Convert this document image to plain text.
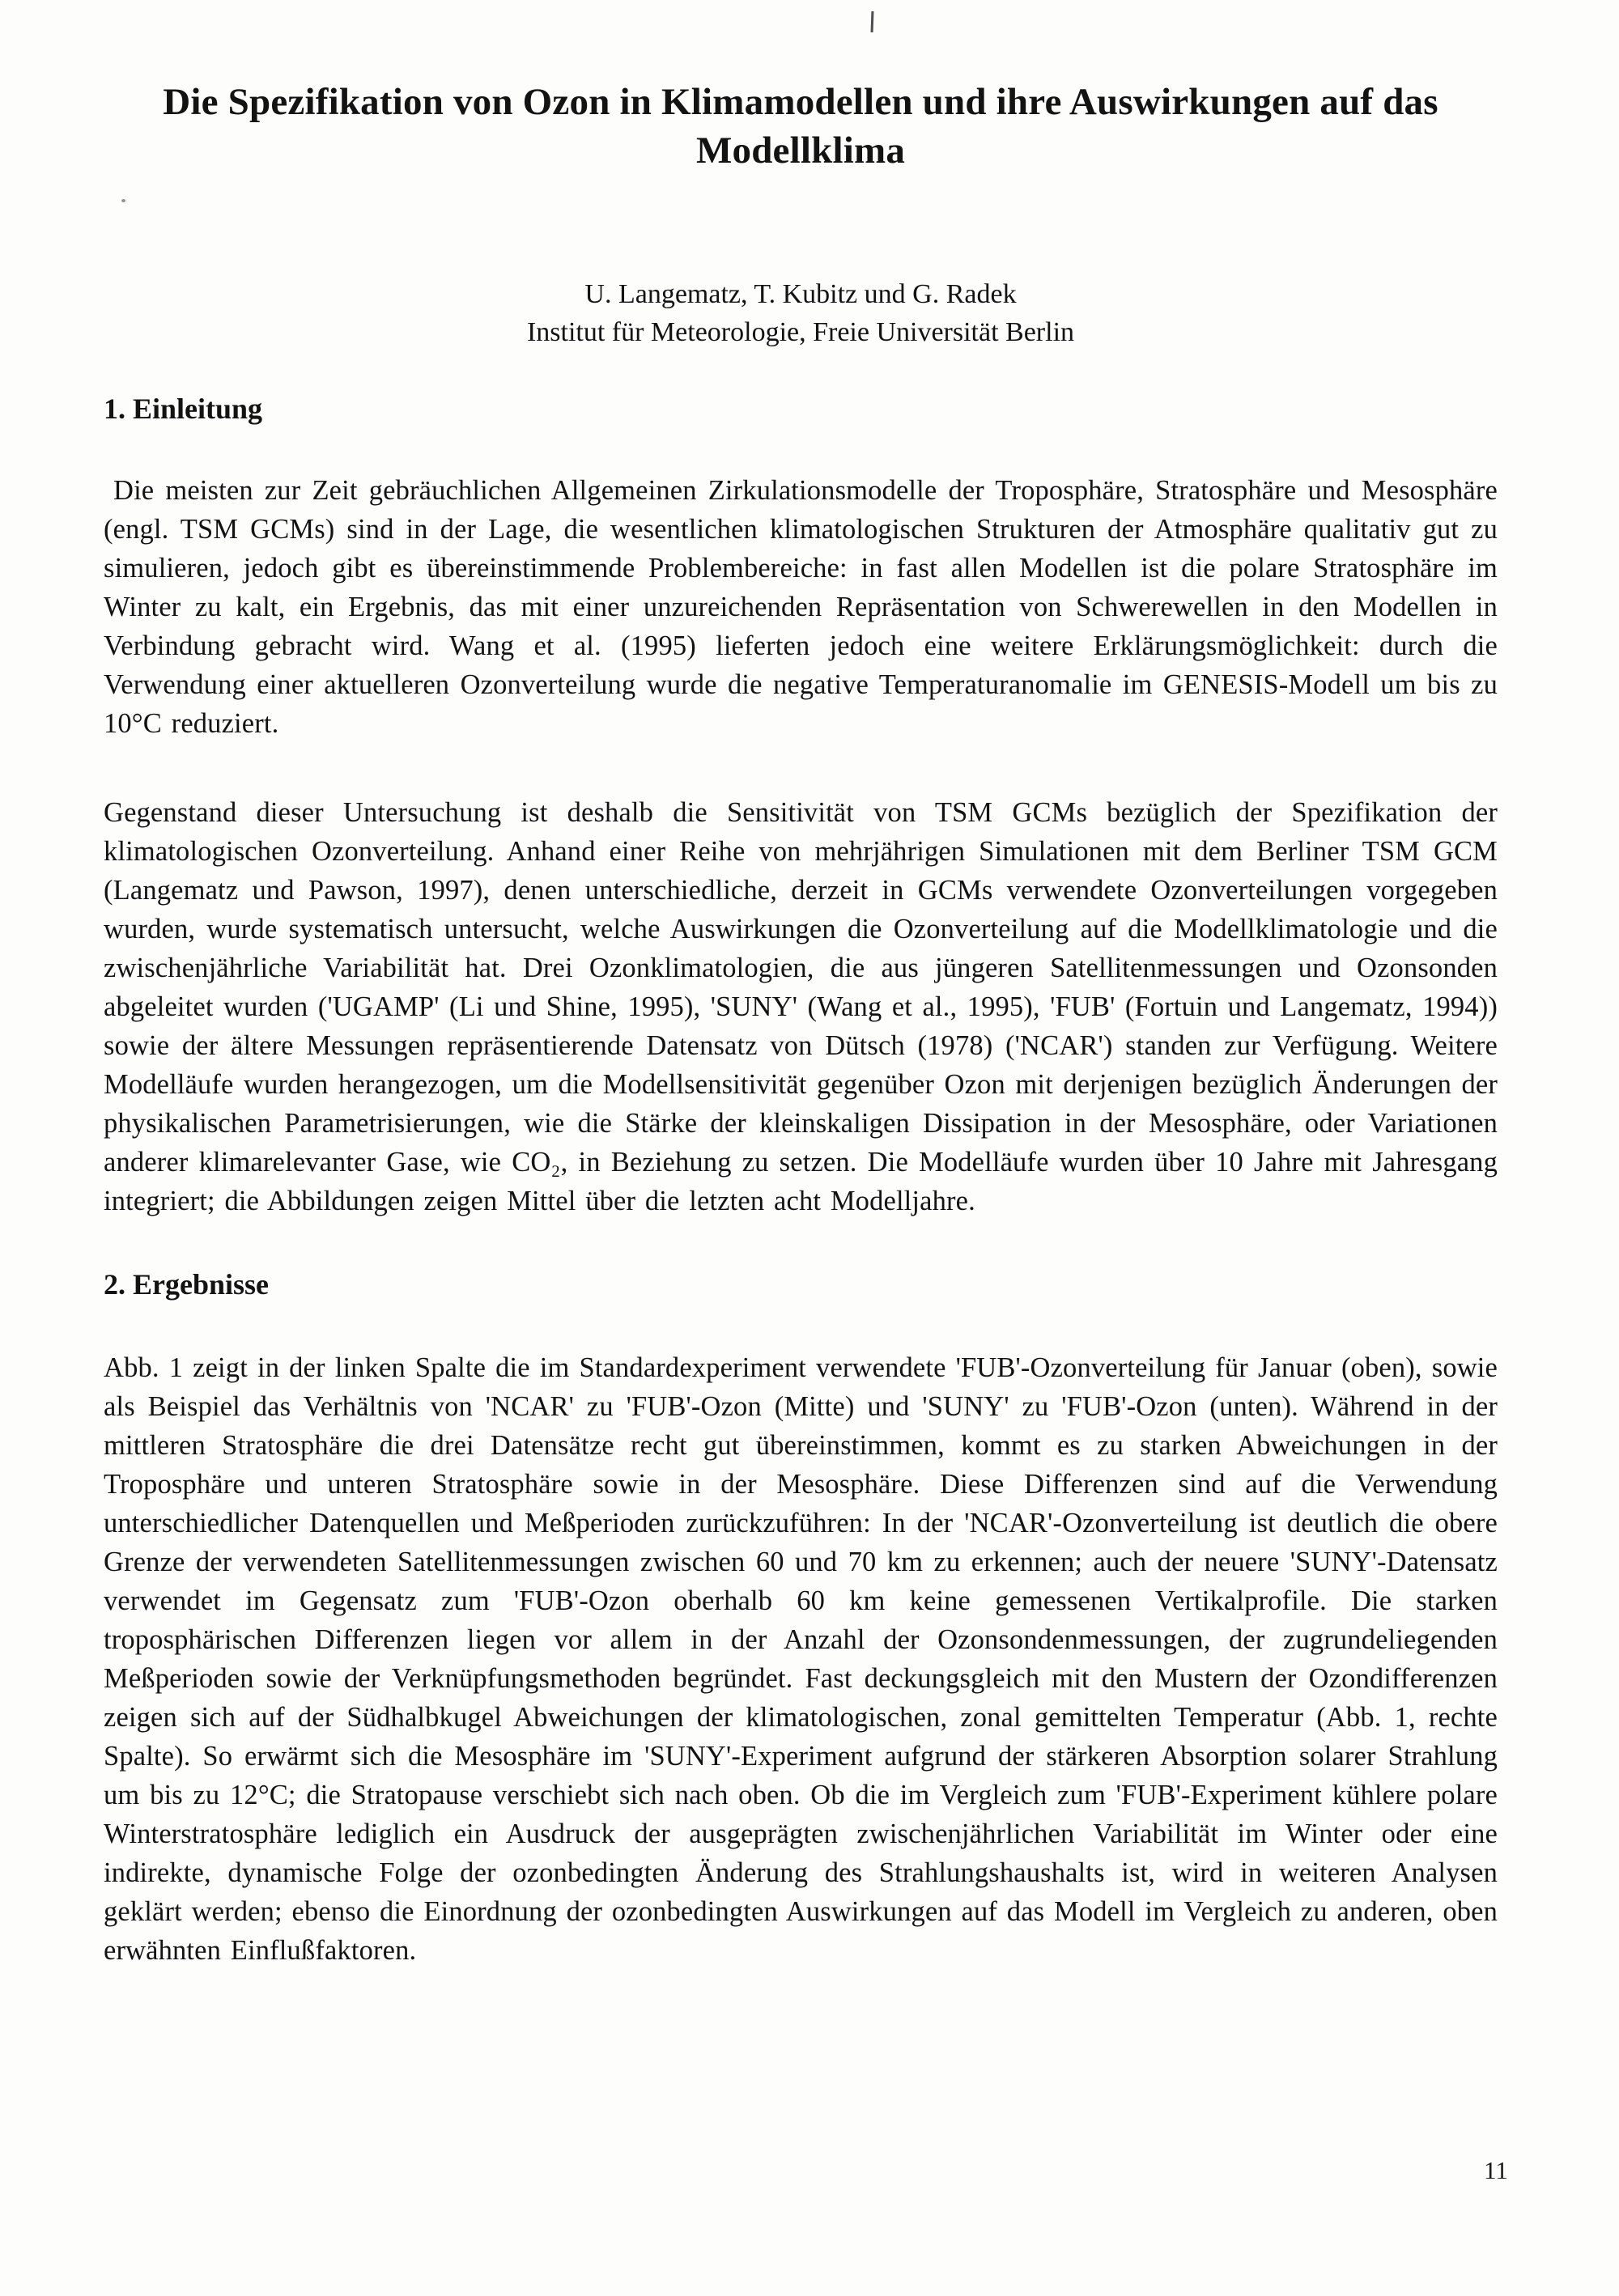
Die Spezifikation von Ozon in Klimamodellen und ihre Auswirkungen auf das Modellklima
U. Langematz, T. Kubitz und G. Radek
Institut für Meteorologie, Freie Universität Berlin
1. Einleitung

Die meisten zur Zeit gebräuchlichen Allgemeinen Zirkulationsmodelle der Troposphäre, Stratosphäre und Mesosphäre (engl. TSM GCMs) sind in der Lage, die wesentlichen klimatologischen Strukturen der Atmosphäre qualitativ gut zu simulieren, jedoch gibt es übereinstimmende Problembereiche: in fast allen Modellen ist die polare Stratosphäre im Winter zu kalt, ein Ergebnis, das mit einer unzureichenden Repräsentation von Schwerewellen in den Modellen in Verbindung gebracht wird. Wang et al. (1995) lieferten jedoch eine weitere Erklärungsmöglichkeit: durch die Verwendung einer aktuelleren Ozonverteilung wurde die negative Temperaturanomalie im GENESIS-Modell um bis zu 10°C reduziert.

Gegenstand dieser Untersuchung ist deshalb die Sensitivität von TSM GCMs bezüglich der Spezifikation der klimatologischen Ozonverteilung. Anhand einer Reihe von mehrjährigen Simulationen mit dem Berliner TSM GCM (Langematz und Pawson, 1997), denen unterschiedliche, derzeit in GCMs verwendete Ozonverteilungen vorgegeben wurden, wurde systematisch untersucht, welche Auswirkungen die Ozonverteilung auf die Modellklimatologie und die zwischenjährliche Variabilität hat. Drei Ozonklimatologien, die aus jüngeren Satellitenmessungen und Ozonsonden abgeleitet wurden ('UGAMP' (Li und Shine, 1995), 'SUNY' (Wang et al., 1995), 'FUB' (Fortuin und Langematz, 1994)) sowie der ältere Messungen repräsentierende Datensatz von Dütsch (1978) ('NCAR') standen zur Verfügung. Weitere Modelläufe wurden herangezogen, um die Modellsensitivität gegenüber Ozon mit derjenigen bezüglich Änderungen der physikalischen Parametrisierungen, wie die Stärke der kleinskaligen Dissipation in der Mesosphäre, oder Variationen anderer klimarelevanter Gase, wie CO₂, in Beziehung zu setzen. Die Modelläufe wurden über 10 Jahre mit Jahresgang integriert; die Abbildungen zeigen Mittel über die letzten acht Modelljahre.

2. Ergebnisse

Abb. 1 zeigt in der linken Spalte die im Standardexperiment verwendete 'FUB'-Ozonverteilung für Januar (oben), sowie als Beispiel das Verhältnis von 'NCAR' zu 'FUB'-Ozon (Mitte) und 'SUNY' zu 'FUB'-Ozon (unten). Während in der mittleren Stratosphäre die drei Datensätze recht gut übereinstimmen, kommt es zu starken Abweichungen in der Troposphäre und unteren Stratosphäre sowie in der Mesosphäre. Diese Differenzen sind auf die Verwendung unterschiedlicher Datenquellen und Meßperioden zurückzuführen: In der 'NCAR'-Ozonverteilung ist deutlich die obere Grenze der verwendeten Satellitenmessungen zwischen 60 und 70 km zu erkennen; auch der neuere 'SUNY'-Datensatz verwendet im Gegensatz zum 'FUB'-Ozon oberhalb 60 km keine gemessenen Vertikalprofile. Die starken troposphärischen Differenzen liegen vor allem in der Anzahl der Ozonsondenmessungen, der zugrundeliegenden Meßperioden sowie der Verknüpfungsmethoden begründet. Fast deckungsgleich mit den Mustern der Ozondifferenzen zeigen sich auf der Südhalbkugel Abweichungen der klimatologischen, zonal gemittelten Temperatur (Abb. 1, rechte Spalte). So erwärmt sich die Mesosphäre im 'SUNY'-Experiment aufgrund der stärkeren Absorption solarer Strahlung um bis zu 12°C; die Stratopause verschiebt sich nach oben. Ob die im Vergleich zum 'FUB'-Experiment kühlere polare Winterstratosphäre lediglich ein Ausdruck der ausgeprägten zwischenjährlichen Variabilität im Winter oder eine indirekte, dynamische Folge der ozonbedingten Änderung des Strahlungshaushalts ist, wird in weiteren Analysen geklärt werden; ebenso die Einordnung der ozonbedingten Auswirkungen auf das Modell im Vergleich zu anderen, oben erwähnten Einflußfaktoren.

11
